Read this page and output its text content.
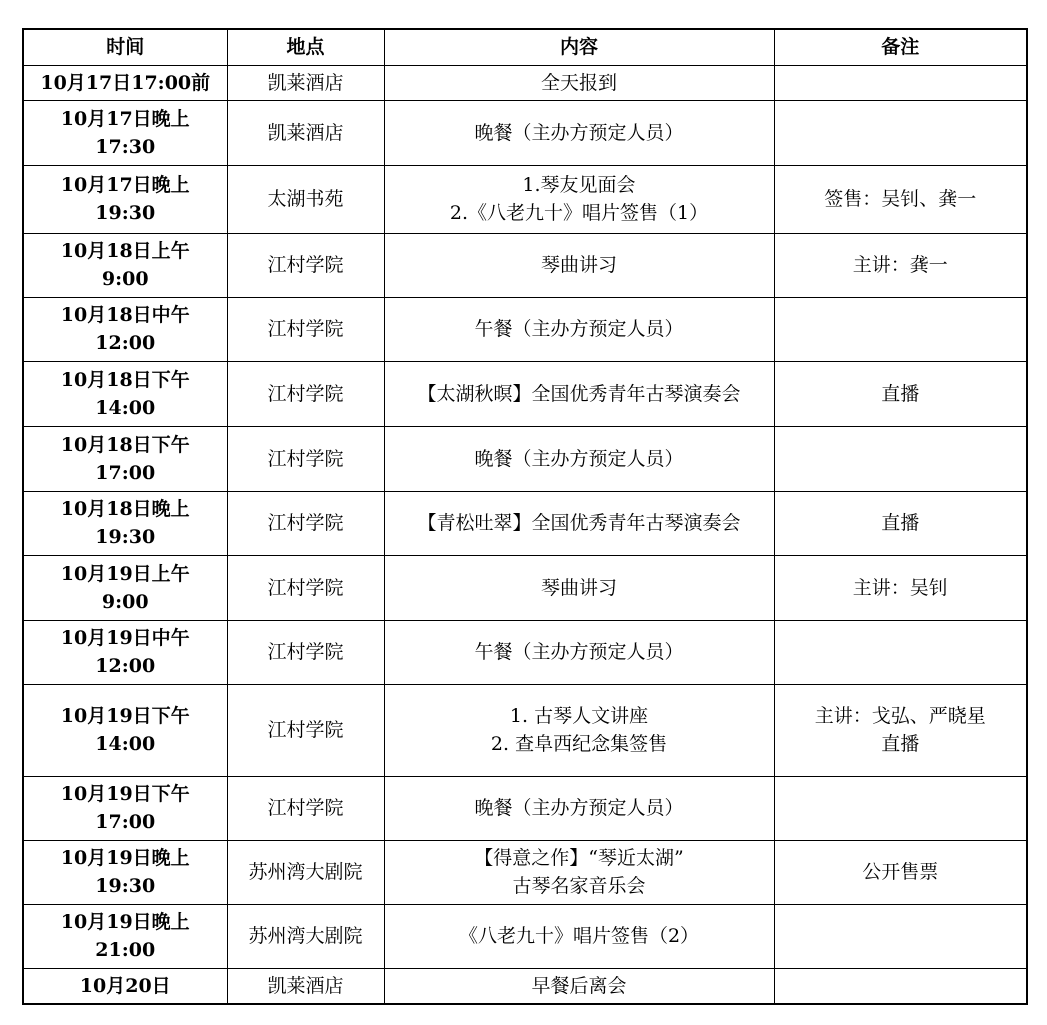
时间	地点	内容	备注

10月17日17:00前	凯莱酒店	全天报到	

10月17日晚上
17:30	凯莱酒店	晚餐（主办方预定人员）	

10月17日晚上
19:30	太湖书苑	1.琴友见面会
2.《八老九十》唱片签售（1）	签售：吴钊、龚一

10月18日上午
9:00	江村学院	琴曲讲习	主讲：龚一

10月18日中午
12:00	江村学院	午餐（主办方预定人员）	

10月18日下午
14:00	江村学院	【太湖秋暝】全国优秀青年古琴演奏会	直播

10月18日下午
17:00	江村学院	晚餐（主办方预定人员）	

10月18日晚上
19:30	江村学院	【青松吐翠】全国优秀青年古琴演奏会	直播

10月19日上午
9:00	江村学院	琴曲讲习	主讲：吴钊

10月19日中午
12:00	江村学院	午餐（主办方预定人员）	

10月19日下午
14:00	江村学院	1. 古琴人文讲座
2. 查阜西纪念集签售	主讲：戈弘、严晓星
直播

10月19日下午
17:00	江村学院	晚餐（主办方预定人员）	

10月19日晚上
19:30	苏州湾大剧院	【得意之作】“琴近太湖”
古琴名家音乐会	公开售票

10月19日晚上
21:00	苏州湾大剧院	《八老九十》唱片签售（2）	

10月20日	凯莱酒店	早餐后离会	
